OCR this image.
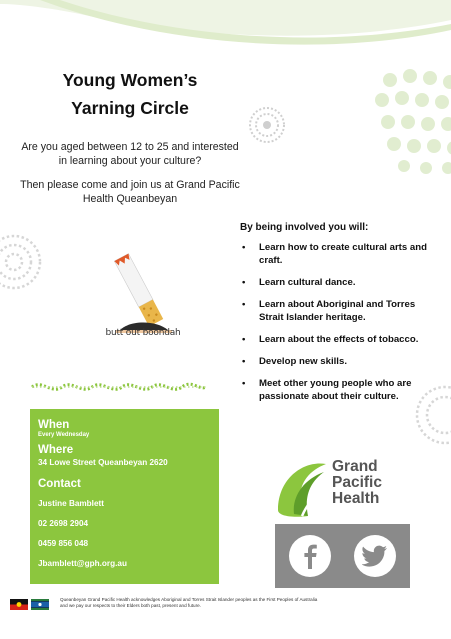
Young Women’s
Yarning Circle

Are you aged between 12 to 25 and interested in learning about your culture?

Then please come and join us at Grand Pacific Health Queanbeyan

butt out boondah
By being involved you will:
• Learn how to create cultural arts and craft.
• Learn cultural dance.
• Learn about Aboriginal and Torres Strait Islander heritage.
• Learn about the effects of tobacco.
• Develop new skills.
• Meet other young people who are passionate about their culture.
When
Every Wednesday
Where
34 Lowe Street Queanbeyan 2620
Contact
Justine Bamblett
02 2698 2904
0459 856 048
Jbamblett@gph.org.au
Grand
Pacific
Health
Queanbeyan Grand Pacific Health acknowledges Aboriginal and Torres Strait Islander peoples as the First Peoples of Australia
and we pay our respects to their Elders both past, present and future.
